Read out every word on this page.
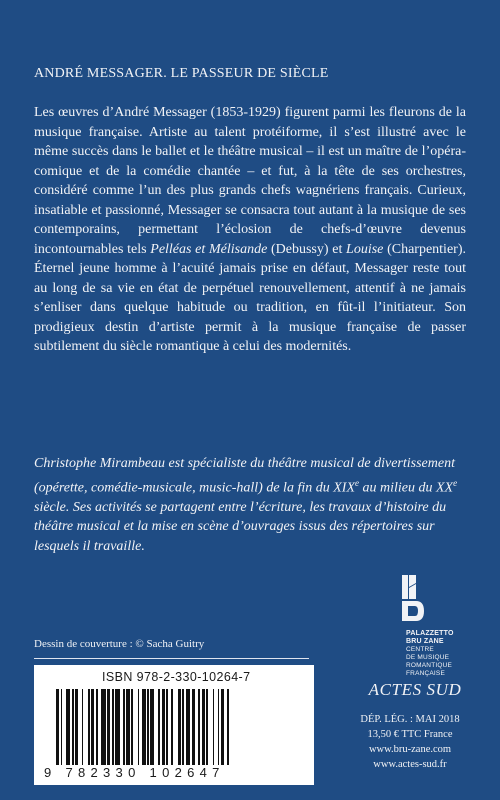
ANDRÉ MESSAGER. LE PASSEUR DE SIÈCLE

Les œuvres d’André Messager (1853-1929) figurent parmi les fleurons de la musique française. Artiste au talent protéiforme, il s’est illustré avec le même succès dans le ballet et le théâtre musical – il est un maître de l’opéra-comique et de la comédie chantée – et fut, à la tête de ses orchestres, considéré comme l’un des plus grands chefs wagnériens français. Curieux, insatiable et passionné, Messager se consacra tout autant à la musique de ses contemporains, permettant l’éclosion de chefs-d’œuvre devenus incontournables tels Pelléas et Mélisande (Debussy) et Louise (Charpentier). Éternel jeune homme à l’acuité jamais prise en défaut, Messager reste tout au long de sa vie en état de perpétuel renouvellement, attentif à ne jamais s’enliser dans quelque habitude ou tradition, en fût-il l’initiateur. Son prodigieux destin d’artiste permit à la musique française de passer subtilement du siècle romantique à celui des modernités.

Christophe Mirambeau est spécialiste du théâtre musical de divertissement (opérette, comédie-musicale, music-hall) de la fin du XIXe au milieu du XXe siècle. Ses activités se partagent entre l’écriture, les travaux d’histoire du théâtre musical et la mise en scène d’ouvrages issus des répertoires sur lesquels il travaille.

PALAZZETTO
BRU ZANE
CENTRE
DE MUSIQUE
ROMANTIQUE
FRANÇAISE
Dessin de couverture : © Sacha Guitry
ISBN 978-2-330-10264-7
9 782330 102647
ACTES SUD
DÉP. LÉG. : MAI 2018
13,50 € TTC France
www.bru-zane.com
www.actes-sud.fr
